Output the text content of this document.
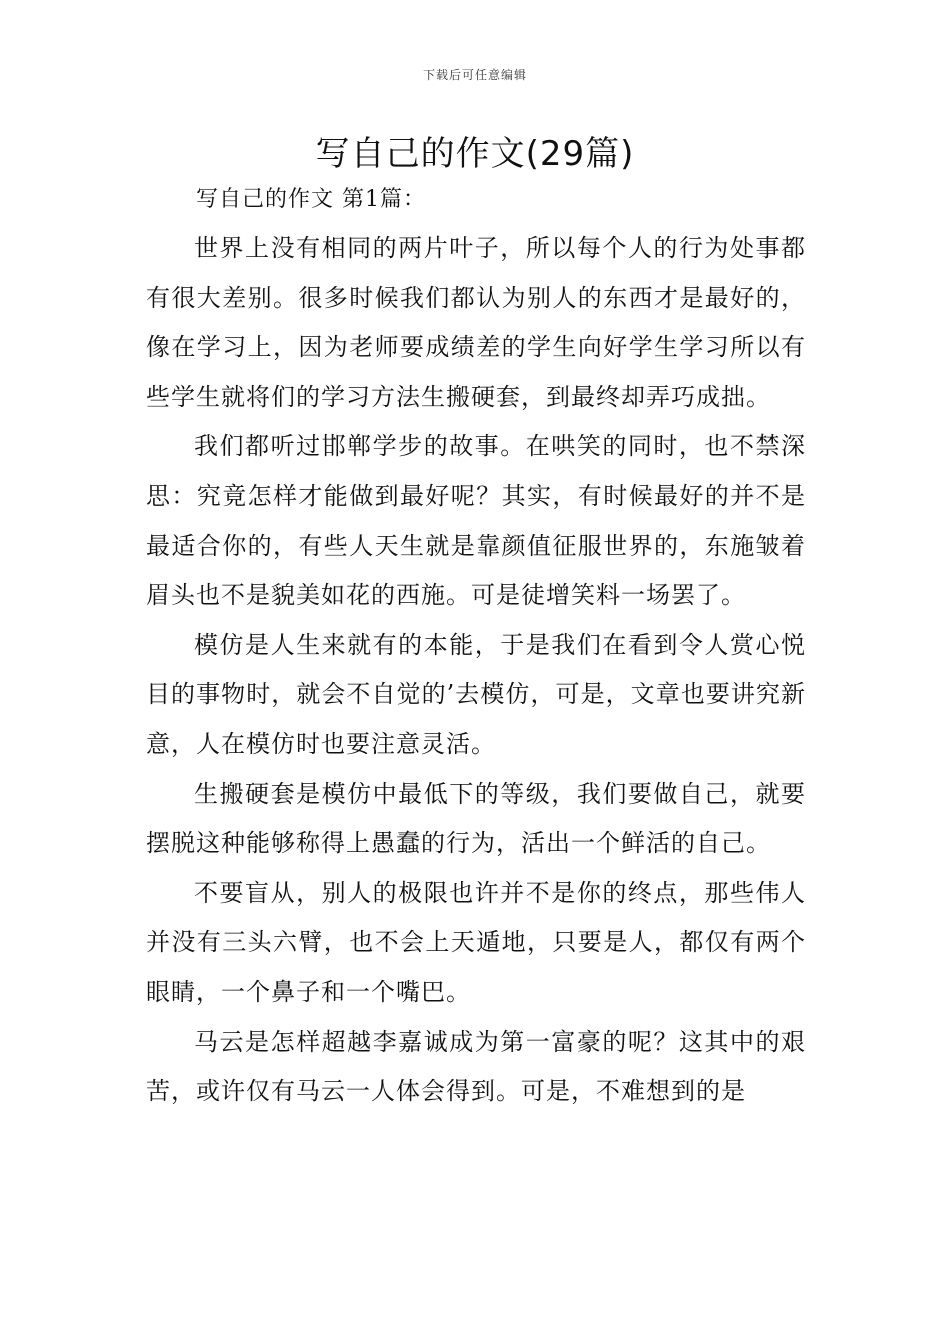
下载后可任意编辑
写自己的作文(29篇)
写自己的作文 第1篇：

世界上没有相同的两片叶子，所以每个人的行为处事都有很大差别。很多时候我们都认为别人的东西才是最好的，像在学习上，因为老师要成绩差的学生向好学生学习所以有些学生就将们的学习方法生搬硬套，到最终却弄巧成拙。

我们都听过邯郸学步的故事。在哄笑的同时，也不禁深思：究竟怎样才能做到最好呢？其实，有时候最好的并不是最适合你的，有些人天生就是靠颜值征服世界的，东施皱着眉头也不是貌美如花的西施。可是徒增笑料一场罢了。

模仿是人生来就有的本能，于是我们在看到令人赏心悦目的事物时，就会不自觉的’去模仿，可是，文章也要讲究新意，人在模仿时也要注意灵活。

生搬硬套是模仿中最低下的等级，我们要做自己，就要摆脱这种能够称得上愚蠢的行为，活出一个鲜活的自己。

不要盲从，别人的极限也许并不是你的终点，那些伟人并没有三头六臂，也不会上天遁地，只要是人，都仅有两个眼睛，一个鼻子和一个嘴巴。

马云是怎样超越李嘉诚成为第一富豪的呢？这其中的艰苦，或许仅有马云一人体会得到。可是，不难想到的是
